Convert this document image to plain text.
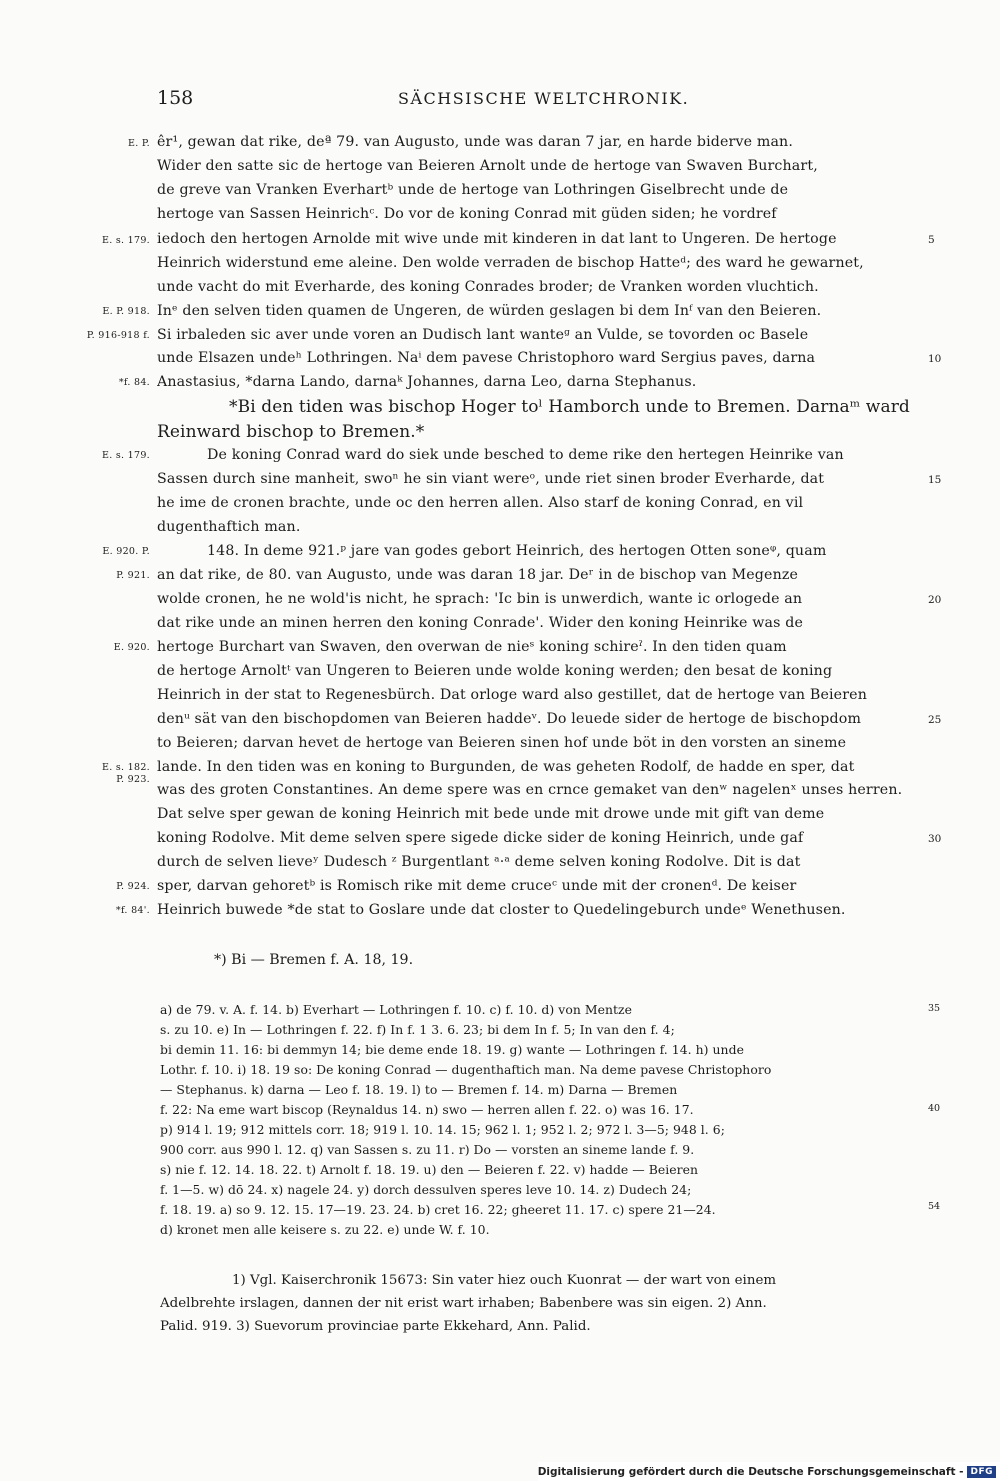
158	SÄCHSISCHE WELTCHRONIK.
êr¹, gewan dat rike, deª 79. van Augusto, unde was daran 7 jar, en harde biderve man.
Wider den satte sic de hertoge van Beieren Arnolt unde de hertoge van Swaven Burchart,
de greve van Vranken Everhartᵇ unde de hertoge van Lothringen Giselbrecht unde de
hertoge van Sassen Heinrichᶜ. Do vor de koning Conrad mit güden siden; he vordref
iedoch den hertogen Arnolde mit wive unde mit kinderen in dat lant to Ungeren. De hertoge
Heinrich widerstund eme aleine. Den wolde verraden de bischop Hatteᵈ; des ward he gewarnet,
unde vacht do mit Everharde, des koning Conrades broder; de Vranken worden vluchtich.
Inᵉ den selven tiden quamen de Ungeren, de würden geslagen bi dem Inᶠ van den Beieren.
Si irbaleden sic aver unde voren an Dudisch lant wanteᵍ an Vulde, se tovorden oc Basele
unde Elsazen undeʰ Lothringen. Naⁱ dem pavese Christophoro ward Sergius paves, darna
Anastasius, *darna Lando, darnaᵏ Johannes, darna Leo, darna Stephanus.
*Bi den tiden was bischop Hoger toˡ Hamborch unde to Bremen. Darnaᵐ ward
Reinward bischop to Bremen.*
De koning Conrad ward do siek unde besched to deme rike den hertegen Heinrike van
Sassen durch sine manheit, swoⁿ he sin viant wereᵒ, unde riet sinen broder Everharde, dat
he ime de cronen brachte, unde oc den herren allen. Also starf de koning Conrad, en vil
dugenthaftich man.
148. In deme 921.ᵖ jare van godes gebort Heinrich, des hertogen Otten soneᵠ, quam
an dat rike, de 80. van Augusto, unde was daran 18 jar. Deʳ in de bischop van Megenze
wolde cronen, he ne wold'is nicht, he sprach: 'Ic bin is unwerdich, wante ic orlogede an
dat rike unde an minen herren den koning Conrade'. Wider den koning Heinrike was de
hertoge Burchart van Swaven, den overwan de nieˢ koning schireˀ. In den tiden quam
de hertoge Arnoltᵗ van Ungeren to Beieren unde wolde koning werden; den besat de koning
Heinrich in der stat to Regenesbürch. Dat orloge ward also gestillet, dat de hertoge van Beieren
denᵘ sät van den bischopdomen van Beieren haddeᵛ. Do leuede sider de hertoge de bischopdom
to Beieren; darvan hevet de hertoge van Beieren sinen hof unde böt in den vorsten an sineme
lande. In den tiden was en koning to Burgunden, de was geheten Rodolf, de hadde en sper, dat
was des groten Constantines. An deme spere was en crnce gemaket van denʷ nagelenˣ unses herren.
Dat selve sper gewan de koning Heinrich mit bede unde mit drowe unde mit gift van deme
koning Rodolve. Mit deme selven spere sigede dicke sider de koning Heinrich, unde gaf
durch de selven lieveʸ Dudesch ᶻ Burgentlant ᵃ·ᵃ deme selven koning Rodolve. Dit is dat
sper, darvan gehoretᵇ is Romisch rike mit deme cruceᶜ unde mit der cronenᵈ. De keiser
Heinrich buwede *de stat to Goslare unde dat closter to Quedelingeburch undeᵉ Wenethusen.
E. P.
E. s. 179.
E. P. 918.
P. 916-918 f.
*f. 84.
E. s. 179.
E. 920. P.
P. 921.
E. 920.
E. s. 182.
P. 923.
P. 924.
*f. 84'.
5
10
15
20
25
30
*) Bi — Bremen f. A. 18, 19.
a) de 79. v. A. f. 14. b) Everhart — Lothringen f. 10. c) f. 10. d) von Mentze
s. zu 10. e) In — Lothringen f. 22. f) In f. 1 3. 6. 23; bi dem In f. 5; In van den f. 4;
bi demin 11. 16: bi demmyn 14; bie deme ende 18. 19. g) wante — Lothringen f. 14. h) unde
Lothr. f. 10. i) 18. 19 so: De koning Conrad — dugenthaftich man. Na deme pavese Christophoro
— Stephanus. k) darna — Leo f. 18. 19. l) to — Bremen f. 14. m) Darna — Bremen
f. 22: Na eme wart biscop (Reynaldus 14. n) swo — herren allen f. 22. o) was 16. 17.
p) 914 l. 19; 912 mittels corr. 18; 919 l. 10. 14. 15; 962 l. 1; 952 l. 2; 972 l. 3—5; 948 l. 6;
900 corr. aus 990 l. 12. q) van Sassen s. zu 11. r) Do — vorsten an sineme lande f. 9.
s) nie f. 12. 14. 18. 22. t) Arnolt f. 18. 19. u) den — Beieren f. 22. v) hadde — Beieren
f. 1—5. w) dō 24. x) nagele 24. y) dorch dessulven speres leve 10. 14. z) Dudech 24;
f. 18. 19. a) so 9. 12. 15. 17—19. 23. 24. b) cret 16. 22; gheeret 11. 17. c) spere 21—24.
d) kronet men alle keisere s. zu 22. e) unde W. f. 10.
35
40
54
1) Vgl. Kaiserchronik 15673: Sin vater hiez ouch Kuonrat — der wart von einem
Adelbrehte irslagen, dannen der nit erist wart irhaben; Babenbere was sin eigen. 2) Ann.
Palid. 919. 3) Suevorum provinciae parte Ekkehard, Ann. Palid.
Digitalisierung gefördert durch die Deutsche Forschungsgemeinschaft - DFG
